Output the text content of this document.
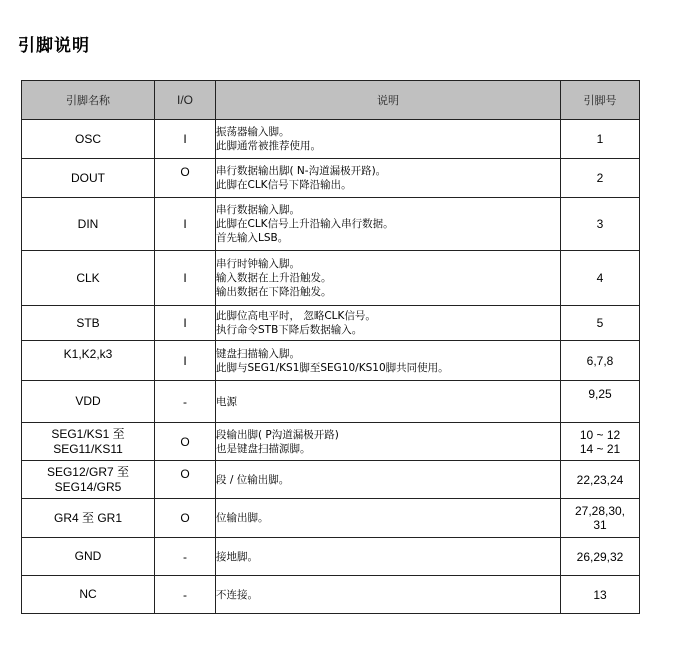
引脚说明
引脚名称	I/O	说明	引脚号

OSC	I	振荡器输入脚。
此脚通常被推荐使用。	1

DOUT	O	串行数据输出脚( N-沟道漏极开路)。
此脚在CLK信号下降沿输出。	2

DIN	I	串行数据输入脚。
此脚在CLK信号上升沿输入串行数据。
首先输入LSB。	3

CLK	I	串行时钟输入脚。
输入数据在上升沿触发。
输出数据在下降沿触发。	4

STB	I	此脚位高电平时， 忽略CLK信号。
执行命令STB下降后数据输入。	5

K1,K2,k3	I	键盘扫描输入脚。
此脚与SEG1/KS1脚至SEG10/KS10脚共同使用。	6,7,8

VDD	-	电源	9,25

SEG1/KS1 至
SEG11/KS11	O	段输出脚( P沟道漏极开路)
也是键盘扫描源脚。	10 ~ 12
14 ~ 21

SEG12/GR7 至
SEG14/GR5	O	段 / 位输出脚。	22,23,24

GR4 至 GR1	O	位输出脚。	27,28,30,
31

GND	-	接地脚。	26,29,32

NC	-	不连接。	13
